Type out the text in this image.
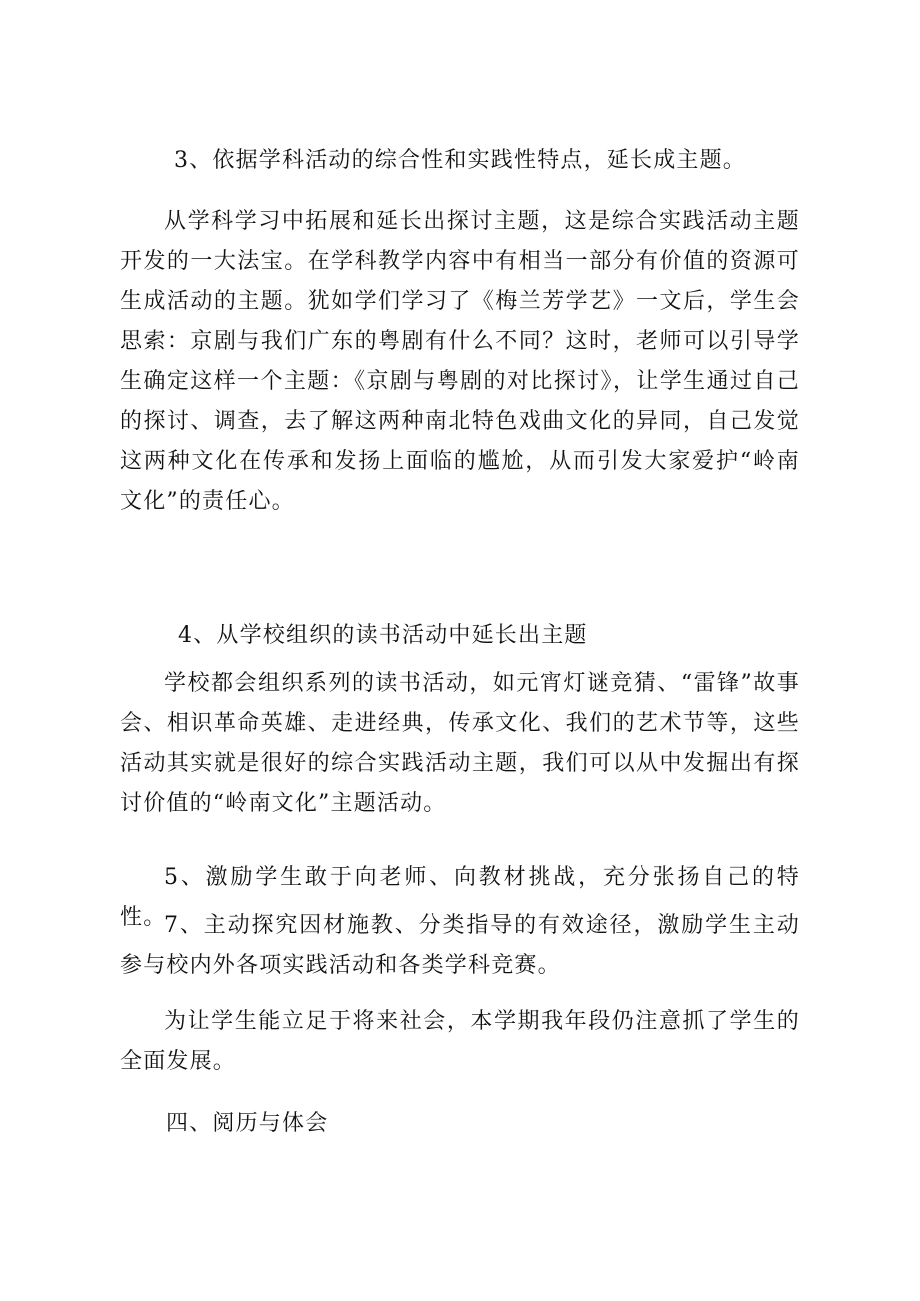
3、依据学科活动的综合性和实践性特点，延长成主题。

从学科学习中拓展和延长出探讨主题，这是综合实践活动主题开发的一大法宝。在学科教学内容中有相当一部分有价值的资源可生成活动的主题。犹如学们学习了《梅兰芳学艺》一文后，学生会思索：京剧与我们广东的粤剧有什么不同？这时，老师可以引导学生确定这样一个主题：《京剧与粤剧的对比探讨》，让学生通过自己的探讨、调查，去了解这两种南北特色戏曲文化的异同，自己发觉这两种文化在传承和发扬上面临的尴尬，从而引发大家爱护“岭南文化”的责任心。

4、从学校组织的读书活动中延长出主题

学校都会组织系列的读书活动，如元宵灯谜竞猜、“雷锋”故事会、相识革命英雄、走进经典，传承文化、我们的艺术节等，这些活动其实就是很好的综合实践活动主题，我们可以从中发掘出有探讨价值的“岭南文化”主题活动。

5、激励学生敢于向老师、向教材挑战，充分张扬自己的特性。

7、主动探究因材施教、分类指导的有效途径，激励学生主动参与校内外各项实践活动和各类学科竞赛。

为让学生能立足于将来社会，本学期我年段仍注意抓了学生的全面发展。

四、阅历与体会
